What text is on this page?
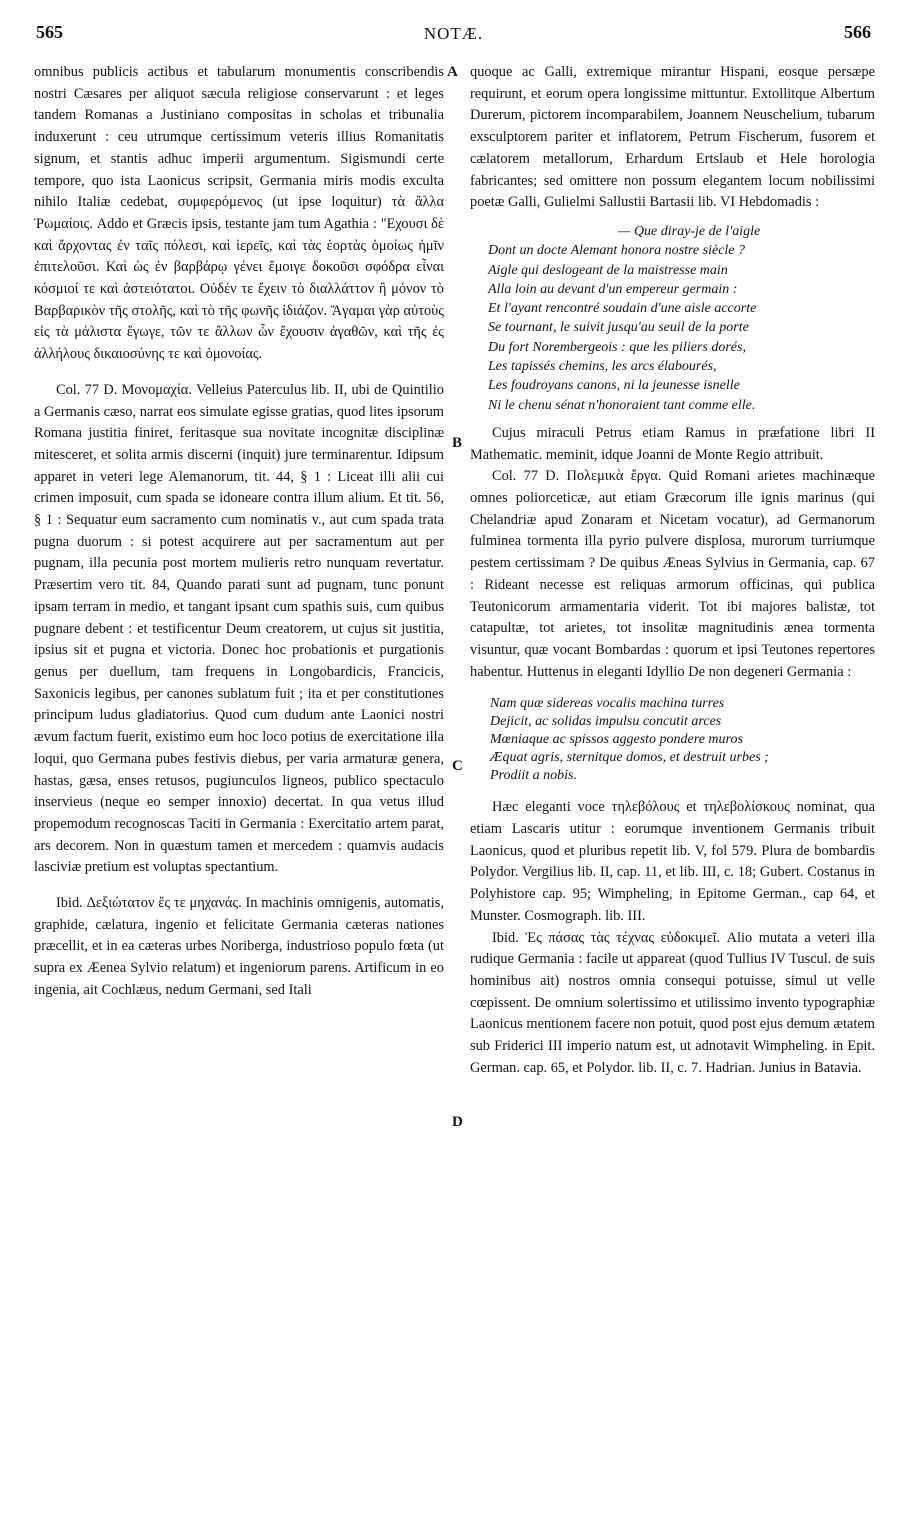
565	NOTÆ.	566
A
B
C
D

omnibus publicis actibus et tabularum monumentis conscribendis nostri Cæsares per aliquot sæcula religiose conservarunt : et leges tandem Romanas a Justiniano compositas in scholas et tribunalia induxerunt : ceu utrumque certissimum veteris illius Romanitatis signum, et stantis adhuc imperii argumentum. Sigismundi certe tempore, quo ista Laonicus scripsit, Germania miris modis exculta nihilo Italiæ cedebat, συμφερόμενος (ut ipse loquitur) τὰ ἄλλα Ῥωμαίοις. Addo et Græcis ipsis, testante jam tum Agathia : "Εχουσι δὲ καὶ ἄρχοντας ἐν ταῖς πόλεσι, καὶ ἱερεῖς, καὶ τὰς ἑορτὰς ὁμοίως ἡμῖν ἐπιτελοῦσι. Καὶ ὡς ἐν βαρβάρῳ γένει ἔμοιγε δοκοῦσι σφόδρα εἶναι κόσμιοί τε καὶ ἀστειότατοι. Οὐδέν τε ἔχειν τὸ διαλλάττον ἢ μόνον τὸ Βαρβαρικὸν τῆς στολῆς, καὶ τὸ τῆς φωνῆς ἰδιάζον. Ἄγαμαι γὰρ αὐτοὺς εἰς τὰ μάλιστα ἔγωγε, τῶν τε ἄλλων ὧν ἔχουσιν ἀγαθῶν, καὶ τῆς ἐς ἀλλήλους δικαιοσύνης τε καὶ ὁμονοίας.

Col. 77 D. Μονομαχία. Velleius Paterculus lib. II, ubi de Quintilio a Germanis cæso, narrat eos simulate egisse gratias, quod lites ipsorum Romana justitia finiret, feritasque sua novitate incognitæ disciplinæ mitesceret, et solita armis discerni (inquit) jure terminarentur. Idipsum apparet in veteri lege Alemanorum, tit. 44, § 1 : Liceat illi alii cui crimen imposuit, cum spada se idoneare contra illum alium. Et tit. 56, § 1 : Sequatur eum sacramento cum nominatis v., aut cum spada trata pugna duorum : si potest acquirere aut per sacramentum aut per pugnam, illa pecunia post mortem mulieris retro nunquam revertatur. Præsertim vero tit. 84, Quando parati sunt ad pugnam, tunc ponunt ipsam terram in medio, et tangant ipsant cum spathis suis, cum quibus pugnare debent : et testificentur Deum creatorem, ut cujus sit justitia, ipsius sit et pugna et victoria. Donec hoc probationis et purgationis genus per duellum, tam frequens in Longobardicis, Francicis, Saxonicis legibus, per canones sublatum fuit ; ita et per constitutiones principum ludus gladiatorius. Quod cum dudum ante Laonici nostri ævum factum fuerit, existimo eum hoc loco potius de exercitatione illa loqui, quo Germana pubes festivis diebus, per varia armaturæ genera, hastas, gæsa, enses retusos, pugiunculos ligneos, publico spectaculo inservieus (neque eo semper innoxio) decertat. In qua vetus illud propemodum recognoscas Taciti in Germania : Exercitatio artem parat, ars decorem. Non in quæstum tamen et mercedem : quamvis audacis lasciviæ pretium est voluptas spectantium.

Ibid. Δεξιώτατον ἔς τε μηχανάς. In machinis omnigenis, automatis, graphide, cælatura, ingenio et felicitate Germania cæteras nationes præcellit, et in ea cæteras urbes Noriberga, industrioso populo fœta (ut supra ex Æenea Sylvio relatum) et ingeniorum parens. Artificum in eo ingenia, ait Cochlæus, nedum Germani, sed Itali

quoque ac Galli, extremique mirantur Hispani, eosque persæpe requirunt, et eorum opera longissime mittuntur. Extollitque Albertum Durerum, pictorem incomparabilem, Joannem Neuschelium, tubarum exsculptorem pariter et inflatorem, Petrum Fischerum, fusorem et cælatorem metallorum, Erhardum Ertslaub et Hele horologia fabricantes; sed omittere non possum elegantem locum nobilissimi poetæ Galli, Gulielmi Sallustii Bartasii lib. VI Hebdomadis :

— Que diray-je de l'aigle
Dont un docte Alemant honora nostre siècle ?
Aigle qui deslogeant de la maistresse main
Alla loin au devant d'un empereur germain :
Et l'ayant rencontré soudain d'une aisle accorte
Se tournant, le suivit jusqu'au seuil de la porte
Du fort Norembergeois : que les piliers dorés,
Les tapissés chemins, les arcs élabourés,
Les foudroyans canons, ni la jeunesse isnelle
Ni le chenu sénat n'honoraient tant comme elle.

Cujus miraculi Petrus etiam Ramus in præfatione libri II Mathematic. meminit, idque Joanni de Monte Regio attribuit.

Col. 77 D. Πολεμικὰ ἔργα. Quid Romani arietes machinæque omnes poliorceticæ, aut etiam Græcorum ille ignis marinus (qui Chelandriæ apud Zonaram et Nicetam vocatur), ad Germanorum fulminea tormenta illa pyrio pulvere displosa, murorum turriumque pestem certissimam ? De quibus Æneas Sylvius in Germania, cap. 67 : Rideant necesse est reliquas armorum officinas, qui publica Teutonicorum armamentaria viderit. Tot ibi majores balistæ, tot catapultæ, tot arietes, tot insolitæ magnitudinis ænea tormenta visuntur, quæ vocant Bombardas : quorum et ipsi Teutones repertores habentur. Huttenus in eleganti Idyllio De non degeneri Germania :

Nam quæ sidereas vocalis machina turres
Dejicit, ac solidas impulsu concutit arces
Mœniaque ac spissos aggesto pondere muros
Æquat agris, sternitque domos, et destruit urbes ;
Prodiit a nobis.

Hæc eleganti voce τηλεβόλους et τηλεβολίσκους nominat, qua etiam Lascaris utitur : eorumque inventionem Germanis tribuit Laonicus, quod et pluribus repetit lib. V, fol 579. Plura de bombardis Polydor. Vergilius lib. II, cap. 11, et lib. III, c. 18; Gubert. Costanus in Polyhistore cap. 95; Wimpheling, in Epitome German., cap 64, et Munster. Cosmograph. lib. III.

Ibid. Ἐς πάσας τὰς τέχνας εὐδοκιμεῖ. Alio mutata a veteri illa rudique Germania : facile ut appareat (quod Tullius IV Tuscul. de suis hominibus ait) nostros omnia consequi potuisse, simul ut velle cœpissent. De omnium solertissimo et utilissimo invento typographiæ Laonicus mentionem facere non potuit, quod post ejus demum ætatem sub Friderici III imperio natum est, ut adnotavit Wimpheling. in Epit. German. cap. 65, et Polydor. lib. II, c. 7. Hadrian. Junius in Batavia.
